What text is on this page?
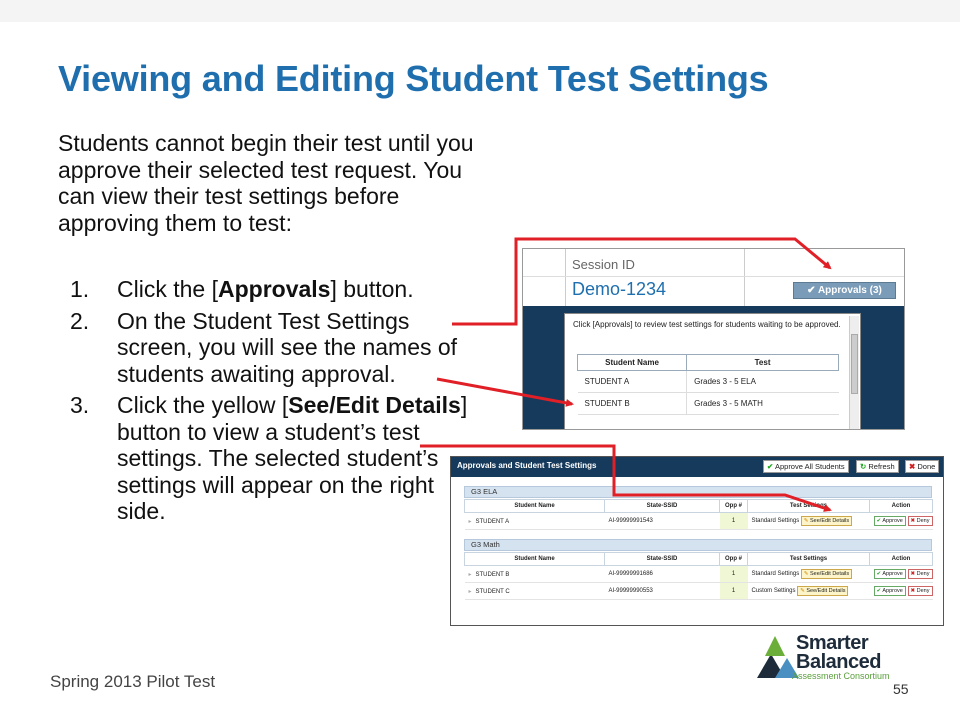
Viewing and Editing Student Test Settings
Students cannot begin their test until you approve their selected test request. You can view their test settings before approving them to test:
1. Click the [Approvals] button.
2. On the Student Test Settings screen, you will see the names of students awaiting approval.
3. Click the yellow [See/Edit Details] button to view a student’s test settings. The selected student’s settings will appear on the right side.
Session ID
Demo-1234	✔ Approvals (3)
Click [Approvals] to review test settings for students waiting to be approved.
Student Name	Test
STUDENT A	Grades 3 - 5 ELA
STUDENT B	Grades 3 - 5 MATH
Approvals and Student Test Settings	✔ Approve All Students	↻ Refresh	✖ Done
G3 ELA
Student Name	State-SSID	Opp #	Test Settings	Action
▸ STUDENT A	AI-99999991543	1	Standard Settings ✎ See/Edit Details	✔ Approve ✖ Deny
G3 Math
Student Name	State-SSID	Opp #	Test Settings	Action
▸ STUDENT B	AI-99999991686	1	Standard Settings ✎ See/Edit Details	✔ Approve ✖ Deny
▸ STUDENT C	AI-99999990553	1	Custom Settings ✎ See/Edit Details	✔ Approve ✖ Deny
Smarter
Balanced
Assessment Consortium
Spring 2013 Pilot Test	55
